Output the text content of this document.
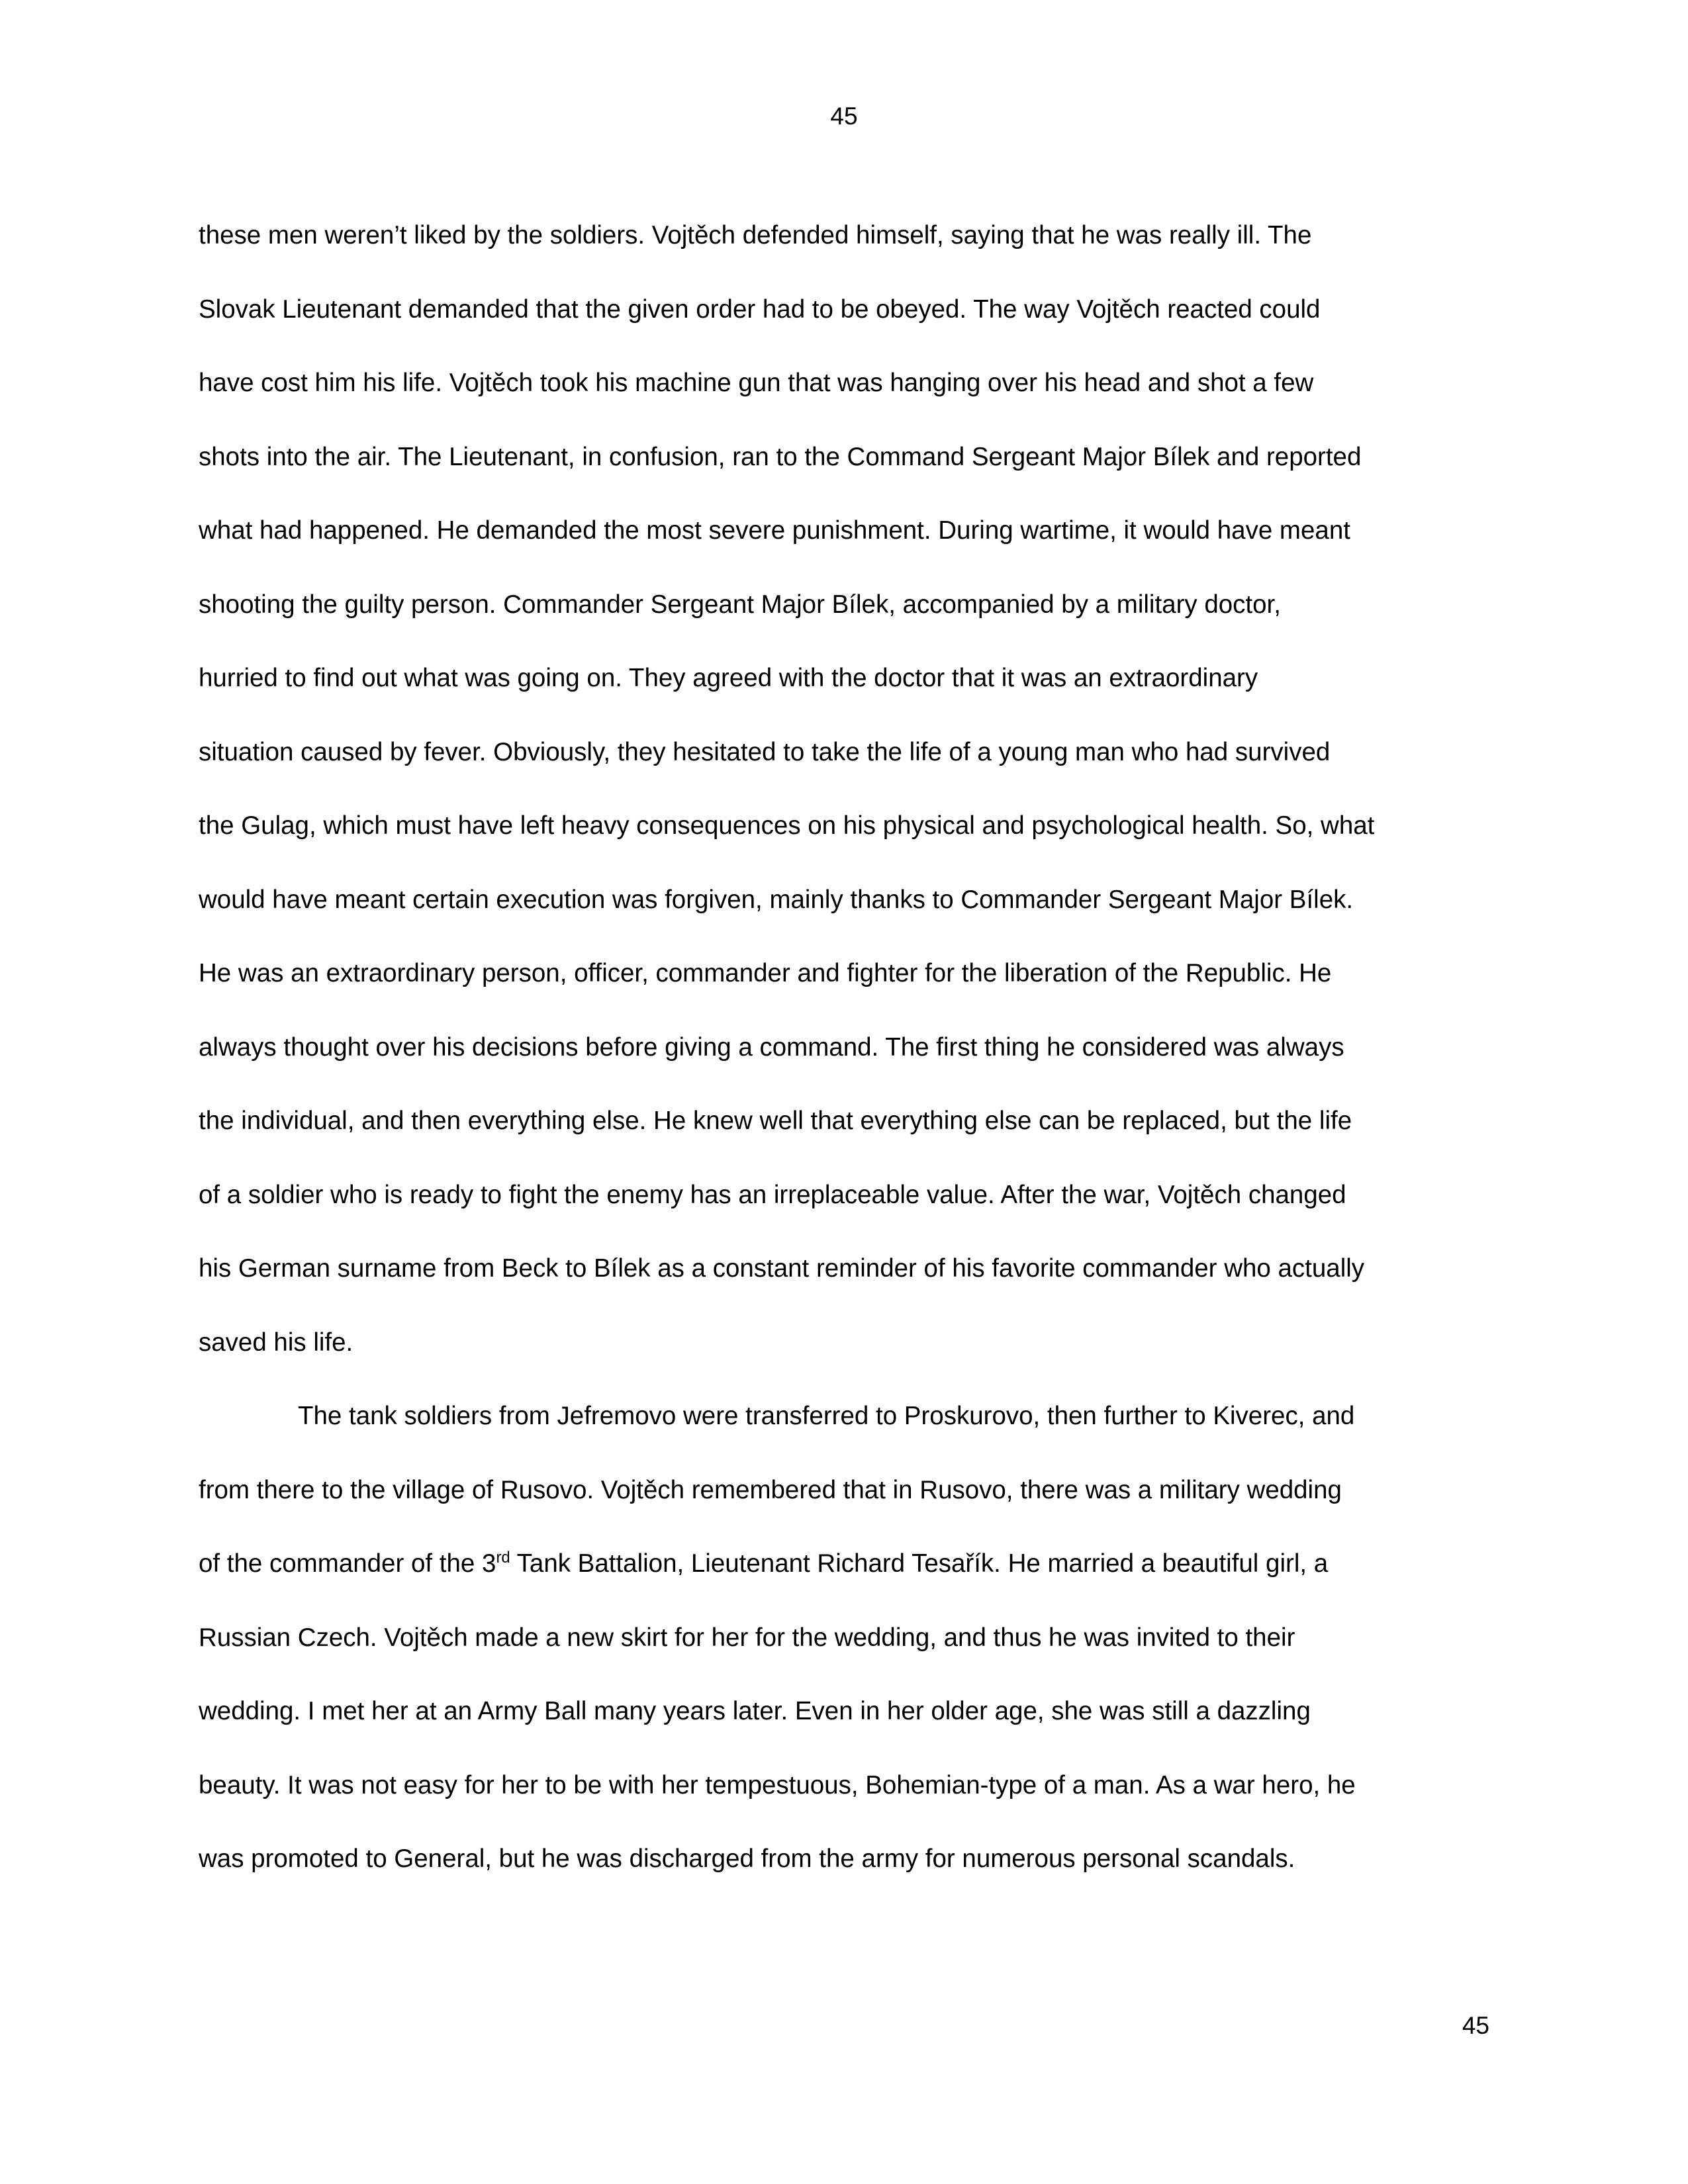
45

these men weren’t liked by the soldiers. Vojtěch defended himself, saying that he was really ill. The
Slovak Lieutenant demanded that the given order had to be obeyed. The way Vojtěch reacted could
have cost him his life. Vojtěch took his machine gun that was hanging over his head and shot a few
shots into the air. The Lieutenant, in confusion, ran to the Command Sergeant Major Bílek and reported
what had happened. He demanded the most severe punishment. During wartime, it would have meant
shooting the guilty person. Commander Sergeant Major Bílek, accompanied by a military doctor,
hurried to find out what was going on. They agreed with the doctor that it was an extraordinary
situation caused by fever. Obviously, they hesitated to take the life of a young man who had survived
the Gulag, which must have left heavy consequences on his physical and psychological health. So, what
would have meant certain execution was forgiven, mainly thanks to Commander Sergeant Major Bílek.
He was an extraordinary person, officer, commander and fighter for the liberation of the Republic. He
always thought over his decisions before giving a command. The first thing he considered was always
the individual, and then everything else. He knew well that everything else can be replaced, but the life
of a soldier who is ready to fight the enemy has an irreplaceable value. After the war, Vojtěch changed
his German surname from Beck to Bílek as a constant reminder of his favorite commander who actually
saved his life.

The tank soldiers from Jefremovo were transferred to Proskurovo, then further to Kiverec, and
from there to the village of Rusovo. Vojtěch remembered that in Rusovo, there was a military wedding
of the commander of the 3rd Tank Battalion, Lieutenant Richard Tesařík. He married a beautiful girl, a
Russian Czech. Vojtěch made a new skirt for her for the wedding, and thus he was invited to their
wedding. I met her at an Army Ball many years later. Even in her older age, she was still a dazzling
beauty. It was not easy for her to be with her tempestuous, Bohemian-type of a man. As a war hero, he
was promoted to General, but he was discharged from the army for numerous personal scandals.

45
